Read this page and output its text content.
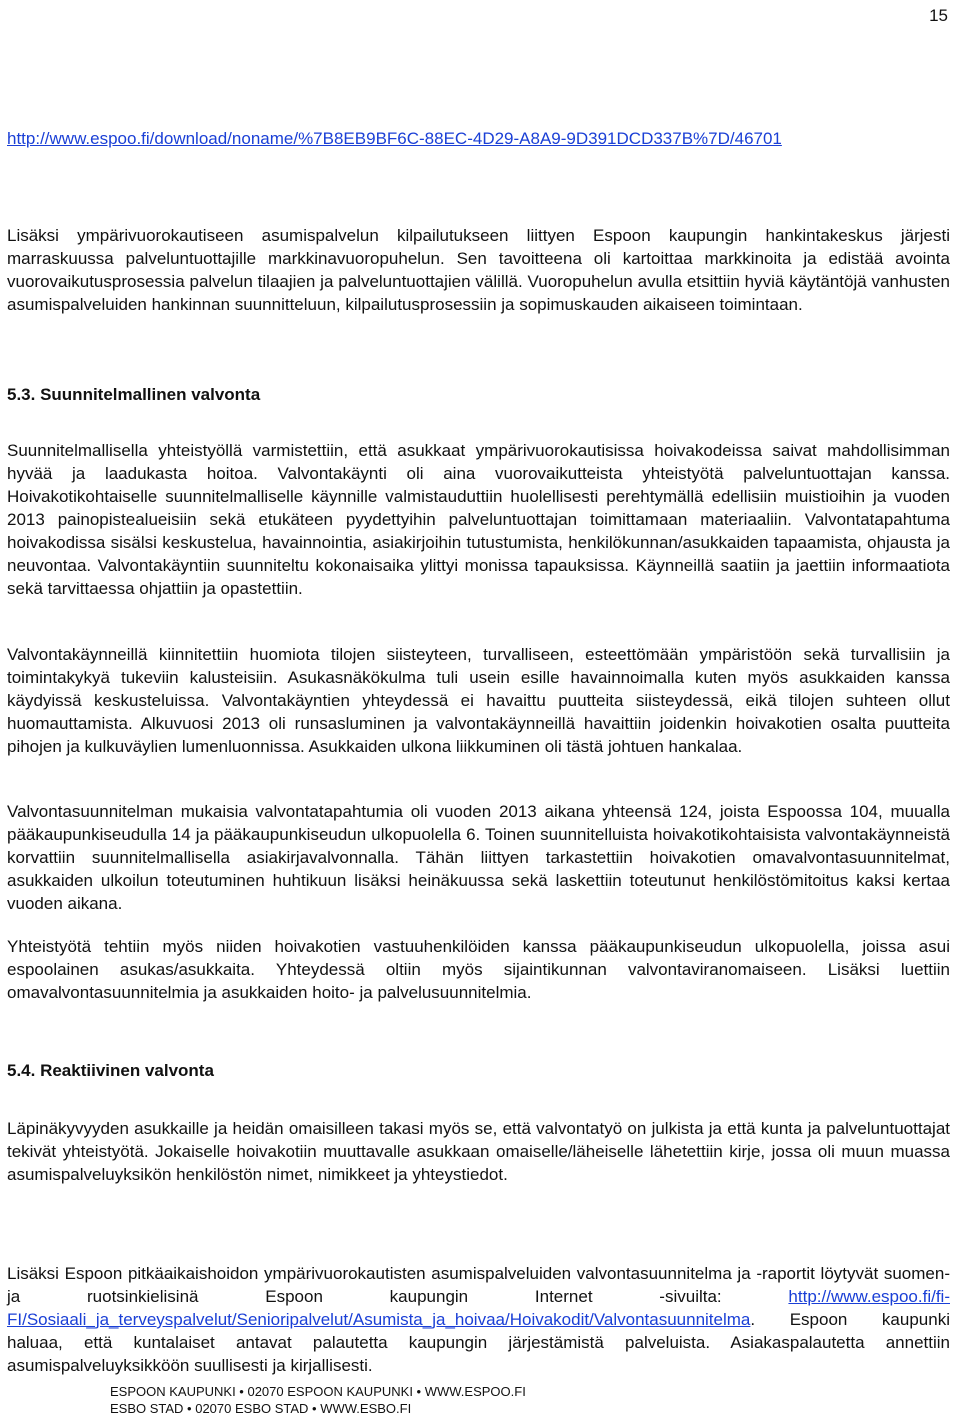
15
http://www.espoo.fi/download/noname/%7B8EB9BF6C-88EC-4D29-A8A9-9D391DCD337B%7D/46701
Lisäksi ympärivuorokautiseen asumispalvelun kilpailutukseen liittyen Espoon kaupungin hankintakeskus järjesti marraskuussa palveluntuottajille markkinavuoropuhelun. Sen tavoitteena oli kartoittaa markkinoita ja edistää avointa vuorovaikutusprosessia palvelun tilaajien ja palveluntuottajien välillä. Vuoropuhelun avulla etsittiin hyviä käytäntöjä vanhusten asumispalveluiden hankinnan suunnitteluun, kilpailutusprosessiin ja sopimuskauden aikaiseen toimintaan.
5.3. Suunnitelmallinen valvonta
Suunnitelmallisella yhteistyöllä varmistettiin, että asukkaat ympärivuorokautisissa hoivakodeissa saivat mahdollisimman hyvää ja laadukasta hoitoa. Valvontakäynti oli aina vuorovaikutteista yhteistyötä palveluntuottajan kanssa. Hoivakotikohtaiselle suunnitelmalliselle käynnille valmistauduttiin huolellisesti perehtymällä edellisiin muistioihin ja vuoden 2013 painopistealueisiin sekä etukäteen pyydettyihin palveluntuottajan toimittamaan materiaaliin. Valvontatapahtuma hoivakodissa sisälsi keskustelua, havainnointia, asiakirjoihin tutustumista, henkilökunnan/asukkaiden tapaamista, ohjausta ja neuvontaa. Valvontakäyntiin suunniteltu kokonaisaika ylittyi monissa tapauksissa. Käynneillä saatiin ja jaettiin informaatiota sekä tarvittaessa ohjattiin ja opastettiin.
Valvontakäynneillä kiinnitettiin huomiota tilojen siisteyteen, turvalliseen, esteettömään ympäristöön sekä turvallisiin ja toimintakykyä tukeviin kalusteisiin. Asukasnäkökulma tuli usein esille havainnoimalla kuten myös asukkaiden kanssa käydyissä keskusteluissa. Valvontakäyntien yhteydessä ei havaittu puutteita siisteydessä, eikä tilojen suhteen ollut huomauttamista. Alkuvuosi 2013 oli runsasluminen ja valvontakäynneillä havaittiin joidenkin hoivakotien osalta puutteita pihojen ja kulkuväylien lumenluonnissa. Asukkaiden ulkona liikkuminen oli tästä johtuen hankalaa.
Valvontasuunnitelman mukaisia valvontatapahtumia oli vuoden 2013 aikana yhteensä 124, joista Espoossa 104, muualla pääkaupunkiseudulla 14 ja pääkaupunkiseudun ulkopuolella 6. Toinen suunnitelluista hoivakotikohtaisista valvontakäynneistä korvattiin suunnitelmallisella asiakirjavalvonnalla. Tähän liittyen tarkastettiin hoivakotien omavalvontasuunnitelmat, asukkaiden ulkoilun toteutuminen huhtikuun lisäksi heinäkuussa sekä laskettiin toteutunut henkilöstömitoitus kaksi kertaa vuoden aikana.
Yhteistyötä tehtiin myös niiden hoivakotien vastuuhenkilöiden kanssa pääkaupunkiseudun ulkopuolella, joissa asui espoolainen asukas/asukkaita. Yhteydessä oltiin myös sijaintikunnan valvontaviranomaiseen. Lisäksi luettiin omavalvontasuunnitelmia ja asukkaiden hoito- ja palvelusuunnitelmia.
5.4. Reaktiivinen valvonta
Läpinäkyvyyden asukkaille ja heidän omaisilleen takasi myös se, että valvontatyö on julkista ja että kunta ja palveluntuottajat tekivät yhteistyötä. Jokaiselle hoivakotiin muuttavalle asukkaan omaiselle/läheiselle lähetettiin kirje, jossa oli muun muassa asumispalveluyksikön henkilöstön nimet, nimikkeet ja yhteystiedot.
Lisäksi Espoon pitkäaikaishoidon ympärivuorokautisten asumispalveluiden valvontasuunnitelma ja -raportit löytyvät suomen- ja ruotsinkielisinä Espoon kaupungin Internet -sivuilta: http://www.espoo.fi/fi-FI/Sosiaali_ja_terveyspalvelut/Senioripalvelut/Asumista_ja_hoivaa/Hoivakodit/Valvontasuunnitelma. Espoon kaupunki haluaa, että kuntalaiset antavat palautetta kaupungin järjestämistä palveluista. Asiakaspalautetta annettiin asumispalveluyksikköön suullisesti ja kirjallisesti.
ESPOON KAUPUNKI • 02070 ESPOON KAUPUNKI • WWW.ESPOO.FI
ESBO STAD • 02070 ESBO STAD • WWW.ESBO.FI
